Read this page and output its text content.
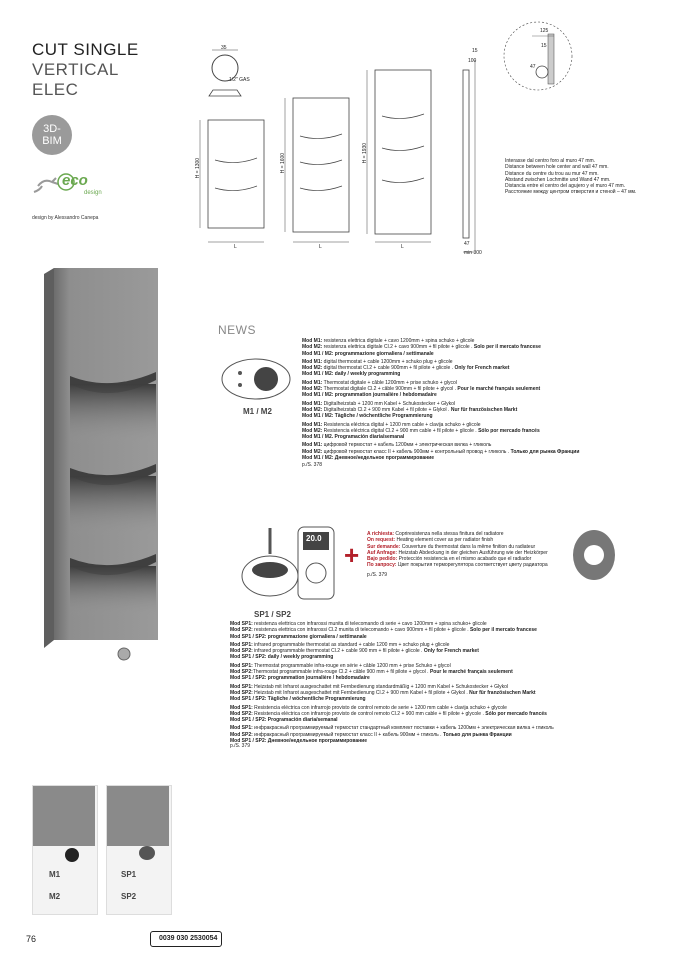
CUT SINGLE
VERTICAL
ELEC
3D-
BIM
eco
design
design by Alessandro Canepa
35
1/2" GAS
H = 1300	H = 1600	H = 1930
L	L	L
15
100
47
min 300
125
15
47
Interasse dal centro foro al muro 47 mm.
Distance between hole center and wall 47 mm.
Distance du centre du trou au mur 47 mm.
Abstand zwischen Lochmitte und Wand 47 mm.
Distancia entre el centro del agujero y el muro 47 mm.
Расстояние между центром отверстия и стеной – 47 мм.
NEWS
M1 / M2
Mod M1: resistenza elettrica digitale + cavo 1200mm + spina schuko + glicole
Mod M2: resistenza elettrica digitale Cl.2 + cavo 900mm + fil pilote + glicole . Solo per il mercato francese
Mod M1 / M2: programmazione giornaliera / settimanale
Mod M1: digital thermostat + cable 1200mm + schuko plug + glicole
Mod M2: digital thermostat Cl.2 + cable 900mm + fil pilote + glicole . Only for French market
Mod M1 / M2: daily / weekly programming
Mod M1: Thermostat digitale + câble 1200mm + prise schuko + glycol
Mod M2: Thermostat digitale Cl.2 + câble 900mm + fil pilote + glycol . Pour le marché français seulement
Mod M1 / M2: programmation journalière / hebdomadaire
Mod M1: Digitalheizstab + 1200 mm Kabel + Schukostecker + Glykol
Mod M2: Digitalheizstab Cl.2 + 900 mm Kabel + fil pilote + Glykol . Nur für französischen Markt
Mod M1 / M2: Tägliche / wöchentliche Programmierung
Mod M1: Resistencia eléctrica digital + 1200 mm cable + clavija schuko + glicole
Mod M2: Resistencia eléctrica digital Cl.2 + 900 mm cable + fil pilote + glicole . Sólo por mercado francés
Mod M1 / M2. Programación diaria/semanal
Mod M1: цифровой термостат + кабель 1200мм + электрическая вилка + гликоль
Mod M2: цифровой термостат класс II + кабель 900мм + контрольный провод + гликоль . Только для рынка Франции
Mod M1 / M2: Дневное/недельное программирование
p./S. 378
20.0
+
SP1 / SP2
A richiesta: Copriresistenza nella stessa finitura del radiatore
On request: Heating element cover as per radiator finish
Sur demande: Couverture du thermostat dans la même finition du radiateur
Auf Anfrage: Heizstab Abdeckung in der gleichen Ausführung wie der Heizkörper
Bajo pedido: Protección resistencia en el mismo acabado que el radiador
По запросу: Цвет покрытия терморегулятора соответствует цвету радиатора
p./S. 379
Mod SP1: resistenza elettrica con infrarossi munita di telecomando di serie + cavo 1200mm + spina schuko+ glicole
Mod SP2: resistenza elettrica con infrarossi Cl.2 munita di telecomando + cavo 900mm + fil pilote + glicole . Solo per il mercato francese
Mod SP1 / SP2: programmazione giornaliera / settimanale
Mod SP1: infrared programmable thermostat as standard + cable 1200 mm + schuko plug + glicole
Mod SP2: infrared programmable thermostat Cl.2 + cable 900 mm + fil pilote + glicole . Only for French market
Mod SP1 / SP2: daily / weekly programming
Mod SP1: Thermostat programmable infra-rouge en série + câble 1200 mm + prise Schuko + glycol
Mod SP2:Thermostat programmable infra-rouge Cl.2 + câble 900 mm + fil pilote + glycol . Pour le marché français seulement
Mod SP1 / SP2: programmation journalière / hebdomadaire
Mod SP1: Heizstab mit Infrarot ausgeschattet mit Fernbedienung standardmäßig + 1200 mm Kabel + Schukostecker + Glykol
Mod SP2: Heizstab mit Infrarot ausgeschattet mit Fernbedienung Cl.2 + 900 mm Kabel + fil pilote + Glykol . Nur für französischen Markt
Mod SP1 / SP2: Tägliche / wöchentliche Programmierung
Mod SP1: Resistencia eléctrica con infrarrojo provisto de control remoto de serie + 1200 mm cable + clavija schuko + glycole
Mod SP2: Resistencia eléctrica con infrarrojo provisto de control remoto Cl.2 + 900 mm cable + fil pilote + glycole . Sólo por mercado francés
Mod SP1 / SP2: Programación diaria/semanal
Mod SP1: инфракрасный программируемый термостат стандартный комплект поставки + кабель 1200мм + электрическая вилка + гликоль
Mod SP2: инфракрасный программируемый термостат класс II + кабель 900мм + гликоль . Только для рынка Франции
Mod SP1 / SP2: Дневное/недельное программирование
p./S. 379
M1
M2
SP1
SP2
76	0039 030 2530054
